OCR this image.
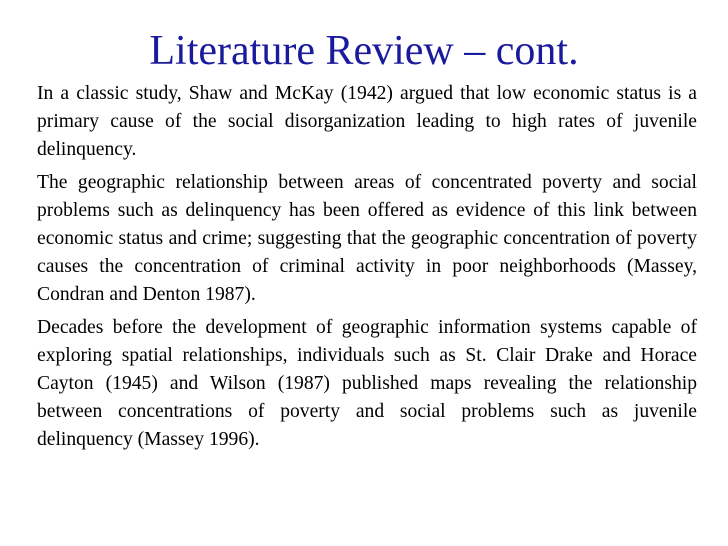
Literature Review – cont.

In a classic study, Shaw and McKay (1942) argued that low economic status is a primary cause of the social disorganization leading to high rates of juvenile delinquency.

The geographic relationship between areas of concentrated poverty and social problems such as delinquency has been offered as evidence of this link between economic status and crime; suggesting that the geographic concentration of poverty causes the concentration of criminal activity in poor neighborhoods (Massey, Condran and Denton 1987).

Decades before the development of geographic information systems capable of exploring spatial relationships, individuals such as St. Clair Drake and Horace Cayton (1945) and Wilson (1987) published maps revealing the relationship between concentrations of poverty and social problems such as juvenile delinquency (Massey 1996).
